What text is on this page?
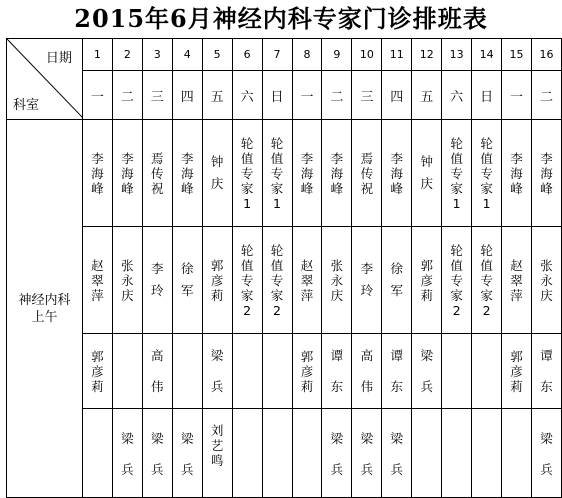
2015年6月神经内科专家门诊排班表
日期
科室	1	2	3	4	5	6	7	8	9	10	11	12	13	14	15	16
	一	二	三	四	五	六	日	一	二	三	四	五	六	日	一	二
神经内科上午	李海峰	李海峰	焉传祝	李海峰	钟庆	轮值专家1	轮值专家1	李海峰	李海峰	焉传祝	李海峰	钟庆	轮值专家1	轮值专家1	李海峰	李海峰
	赵翠萍	张永庆	李玲	徐军	郭彦莉	轮值专家2	轮值专家2	赵翠萍	张永庆	李玲	徐军	郭彦莉	轮值专家2	轮值专家2	赵翠萍	张永庆
	郭彦莉		高伟		梁兵			郭彦莉	谭东	高伟	谭东	梁兵			郭彦莉	谭东
		梁兵	梁兵	梁兵	刘艺鸣				梁兵	梁兵	梁兵					梁兵
